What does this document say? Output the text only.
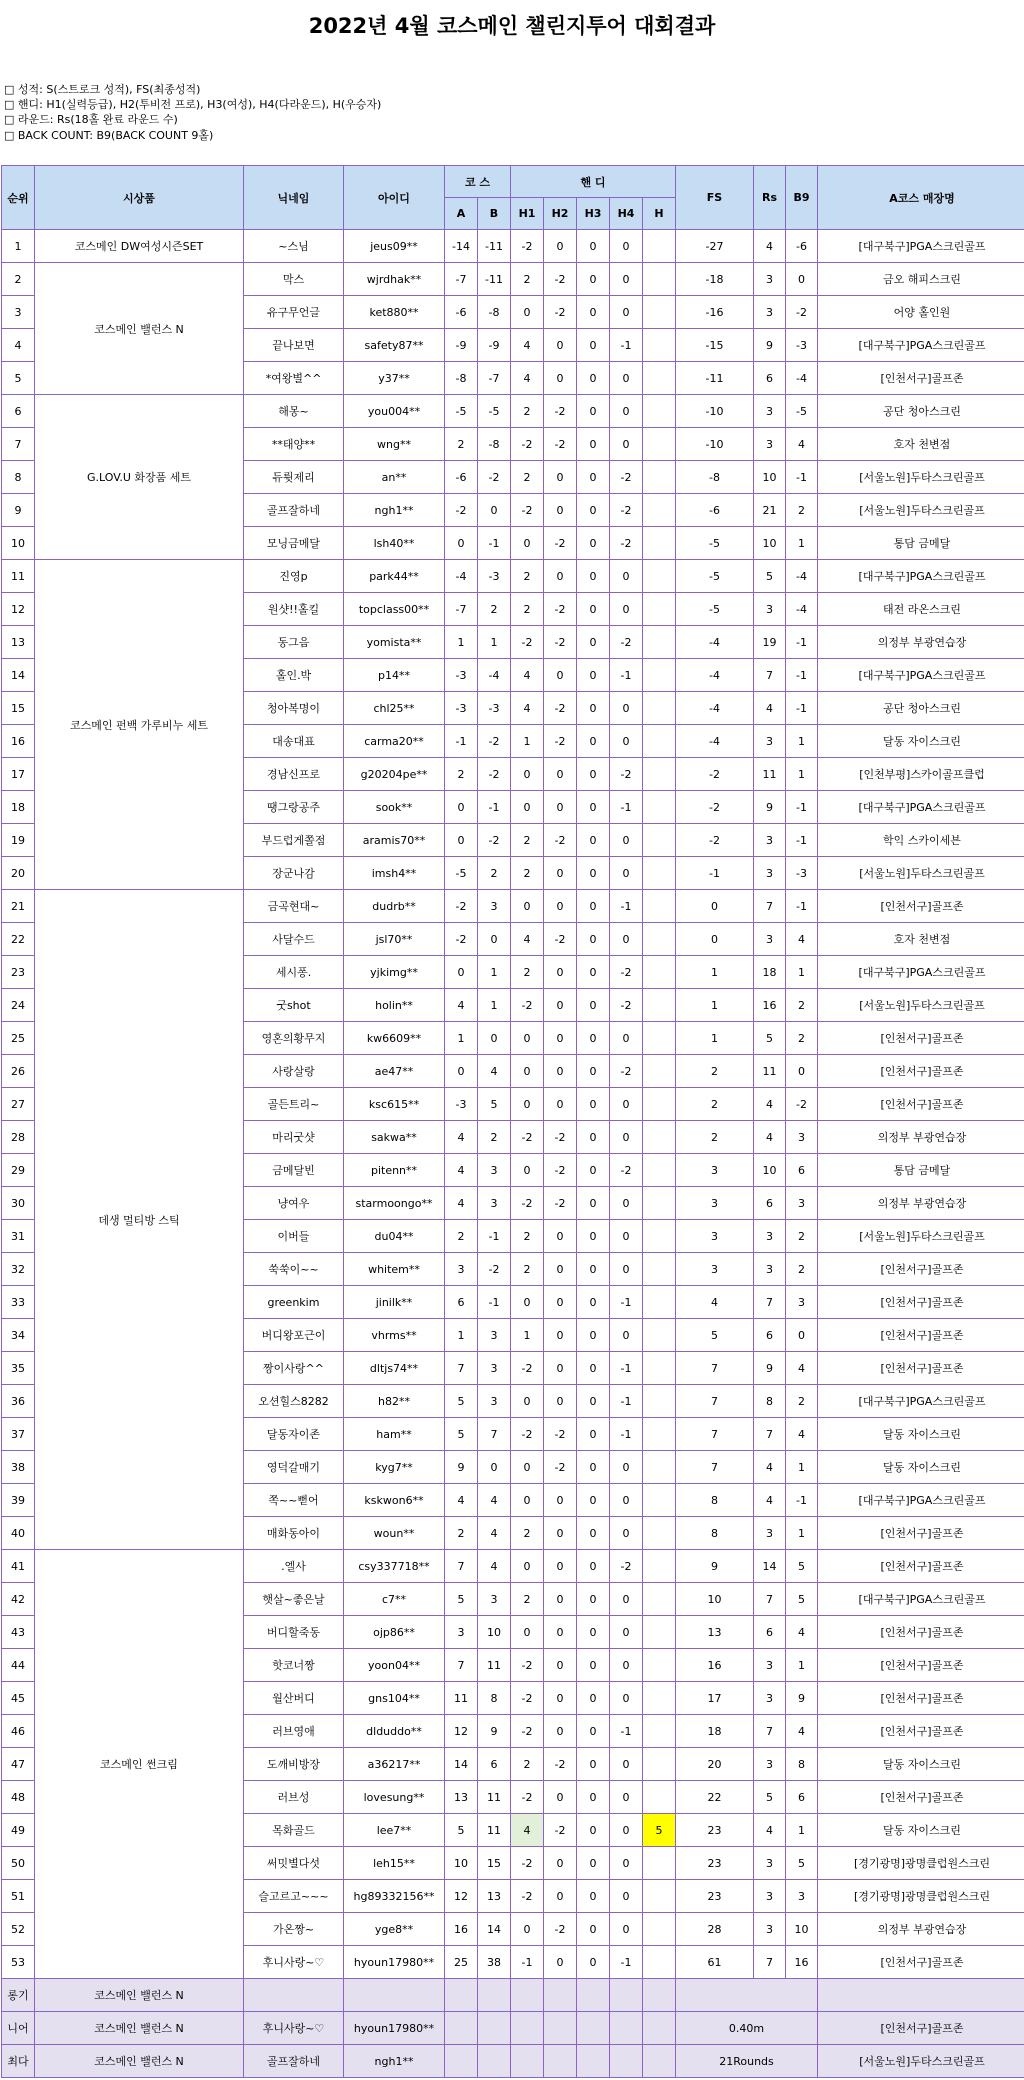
2022년 4월 코스메인 챌린지투어 대회결과
□ 성적: S(스트로크 성적), FS(최종성적)
□ 핸디: H1(실력등급), H2(투비전 프로), H3(여성), H4(다라운드), H(우승자)
□ 라운드: Rs(18홀 완료 라운드 수)
□ BACK COUNT: B9(BACK COUNT 9홀)
순위	시상품	닉네임	아이디	코 스		핸 디					FS	Rs	B9	A코스 매장명
				A	B	H1	H2	H3	H4	H				
1	코스메인 DW여성시즌SET	~스님	jeus09**	-14	-11	-2	0	0	0		-27	4	-6	[대구북구]PGA스크린골프
2	코스메인 밸런스 N	막스	wjrdhak**	-7	-11	2	-2	0	0		-18	3	0	금오 해피스크린
3		유구무언글	ket880**	-6	-8	0	-2	0	0		-16	3	-2	어양 홀인원
4		끝나보면	safety87**	-9	-9	4	0	0	-1		-15	9	-3	[대구북구]PGA스크린골프
5		*여왕별^^	y37**	-8	-7	4	0	0	0		-11	6	-4	[인천서구]골프존
6	G.LOV.U 화장품 세트	해몽~	you004**	-5	-5	2	-2	0	0		-10	3	-5	공단 청아스크린
7		**태양**	wng**	2	-8	-2	-2	0	0		-10	3	4	호자 천변점
8		듀륏제리	an**	-6	-2	2	0	0	-2		-8	10	-1	[서울노원]두타스크린골프
9		골프잘하네	ngh1**	-2	0	-2	0	0	-2		-6	21	2	[서울노원]두타스크린골프
10		모닝금메달	lsh40**	0	-1	0	-2	0	-2		-5	10	1	통담 금메달
11	코스메인 펀백 가루비누 세트	진영p	park44**	-4	-3	2	0	0	0		-5	5	-4	[대구북구]PGA스크린골프
12		원샷!!홀킬	topclass00**	-7	2	2	-2	0	0		-5	3	-4	태전 라온스크린
13		동그음	yomista**	1	1	-2	-2	0	-2		-4	19	-1	의정부 부광연습장
14		홀인.박	p14**	-3	-4	4	0	0	-1		-4	7	-1	[대구북구]PGA스크린골프
15		청아복명이	chl25**	-3	-3	4	-2	0	0		-4	4	-1	공단 청아스크린
16		대송대표	carma20**	-1	-2	1	-2	0	0		-4	3	1	달동 자이스크린
17		경남신프로	g20204pe**	2	-2	0	0	0	-2		-2	11	1	[인천부평]스카이골프클럽
18		땡그랑공주	sook**	0	-1	0	0	0	-1		-2	9	-1	[대구북구]PGA스크린골프
19		부드럽게쫄점	aramis70**	0	-2	2	-2	0	0		-2	3	-1	학익 스카이세븐
20		장군나감	imsh4**	-5	2	2	0	0	0		-1	3	-3	[서울노원]두타스크린골프
21	데생 멀티방 스틱	금곡현대~	dudrb**	-2	3	0	0	0	-1		0	7	-1	[인천서구]골프존
22		사달수드	jsl70**	-2	0	4	-2	0	0		0	3	4	호자 천변점
23		세시퐁.	yjkimg**	0	1	2	0	0	-2		1	18	1	[대구북구]PGA스크린골프
24		굿shot	holin**	4	1	-2	0	0	-2		1	16	2	[서울노원]두타스크린골프
25		영혼의황무지	kw6609**	1	0	0	0	0	0		1	5	2	[인천서구]골프존
26		사랑살랑	ae47**	0	4	0	0	0	-2		2	11	0	[인천서구]골프존
27		골든트리~	ksc615**	-3	5	0	0	0	0		2	4	-2	[인천서구]골프존
28		마리굿샷	sakwa**	4	2	-2	-2	0	0		2	4	3	의정부 부광연습장
29		금메달빈	pitenn**	4	3	0	-2	0	-2		3	10	6	통담 금메달
30		냥여우	starmoongo**	4	3	-2	-2	0	0		3	6	3	의정부 부광연습장
31		이버들	du04**	2	-1	2	0	0	0		3	3	2	[서울노원]두타스크린골프
32		쑥쑥이~~	whitem**	3	-2	2	0	0	0		3	3	2	[인천서구]골프존
33		greenkim	jinilk**	6	-1	0	0	0	-1		4	7	3	[인천서구]골프존
34		버디왕포근이	vhrms**	1	3	1	0	0	0		5	6	0	[인천서구]골프존
35		짱이사랑^^	dltjs74**	7	3	-2	0	0	-1		7	9	4	[인천서구]골프존
36		오션힐스8282	h82**	5	3	0	0	0	-1		7	8	2	[대구북구]PGA스크린골프
37		달동자이존	ham**	5	7	-2	-2	0	-1		7	7	4	달동 자이스크린
38		영덕갈매기	kyg7**	9	0	0	-2	0	0		7	4	1	달동 자이스크린
39		쪽~~뻗어	kskwon6**	4	4	0	0	0	0		8	4	-1	[대구북구]PGA스크린골프
40		매화동아이	woun**	2	4	2	0	0	0		8	3	1	[인천서구]골프존
41	코스메인 썬크림	.엘사	csy337718**	7	4	0	0	0	-2		9	14	5	[인천서구]골프존
42		햇살~좋은날	c7**	5	3	2	0	0	0		10	7	5	[대구북구]PGA스크린골프
43		버디할죽동	ojp86**	3	10	0	0	0	0		13	6	4	[인천서구]골프존
44		핫코너짱	yoon04**	7	11	-2	0	0	0		16	3	1	[인천서구]골프존
45		월산버디	gns104**	11	8	-2	0	0	0		17	3	9	[인천서구]골프존
46		러브영애	dlduddo**	12	9	-2	0	0	-1		18	7	4	[인천서구]골프존
47		도깨비방장	a36217**	14	6	2	-2	0	0		20	3	8	달동 자이스크린
48		러브성	lovesung**	13	11	-2	0	0	0		22	5	6	[인천서구]골프존
49		목화골드	lee7**	5	11	4	-2	0	0	5	23	4	1	달동 자이스크린
50		써밋별다섯	leh15**	10	15	-2	0	0	0		23	3	5	[경기광명]광명클럽원스크린
51		슬고르고~~~	hg89332156**	12	13	-2	0	0	0		23	3	3	[경기광명]광명클럽원스크린
52		가온짱~	yge8**	16	14	0	-2	0	0		28	3	10	의정부 부광연습장
53		후니사랑~♡	hyoun17980**	25	38	-1	0	0	-1		61	7	16	[인천서구]골프존
롱기	코스메인 밸런스 N													
니어	코스메인 밸런스 N	후니사랑~♡	hyoun17980**								0.40m			[인천서구]골프존
최다	코스메인 밸런스 N	골프잘하네	ngh1**								21Rounds			[서울노원]두타스크린골프
